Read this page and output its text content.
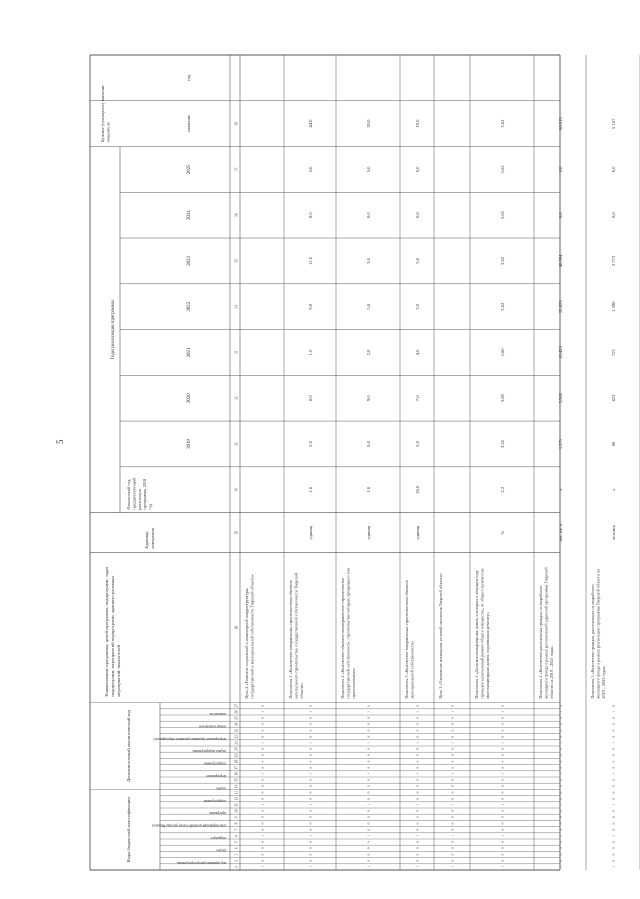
5
Коды бюджетной классификации
Дополнительный аналитический код
Наименование программы, целей программы, подпрограмм, задач подпрограмм, мероприятий подпрограмм, административных мероприятий, показателей
Единица измерения
Годы реализации программы
Целевое (суммарное) значение показателя
Финансовый год, предшествующий реализации программы, 2018 год
2019
2020
2021
2022
2023
2024
2025
значение
год
код администратора программы
раздел
подраздел
классификация целевой статьи расхода бюджета
программа
подпрограмма
задача
мероприятие
подпрограмма
задача подпрограммы
мероприятие (административное мероприятие)
номер показателя
показатель
1
2
3
4
5
6
7
8
9
10
11
12
13
14
15
16
17
18
19
20
21
22
23
24
25
26
27
28
29
30
31
32
33
34
35
36
37
38
1
0
0
0
0
1
0
0
0
0
1
0
0
0
0
1
0
0
0
0
1
0
0
0
0
1
0
Цель 2 «Развитие социальной и инженерной инфраструктуры государственной и муниципальной собственности Тверской области»
1
0
0
0
0
1
0
0
0
0
1
0
0
0
0
1
0
0
0
0
1
0
0
0
0
1
0
Показатель 1 «Количество завершенных строительством объектов капитального строительства государственной собственности Тверской области»
единиц
1,0
2,0
8,0
1,0
9,0
11,0
8,0
5,0
44,0
1
0
0
0
0
1
0
0
0
0
1
0
0
0
0
1
0
0
0
0
1
0
0
0
0
1
0
Показатель 2 «Количество объектов незавершенного строительства государственной собственности, строительство которых прекращено или приостановлено»
единиц
1,0
0,0
9,0
2,0
5,0
3,0
0,0
5,0
39,0
1
0
0
0
0
1
0
0
0
0
1
0
0
0
0
1
0
0
0
0
1
0
0
0
0
1
0
Показатель 3 «Количество завершенных строительством объектов муниципальной собственности»
единиц
18,0
5,0
7,0
4,0
3,0
5,0
0,0
0,0
19,0
1
0
0
0
0
1
0
0
0
0
1
0
0
0
0
1
0
0
0
0
1
0
0
0
0
1
0
Цель 3 «Улучшение жилищных условий населения Тверской области»
1
0
0
0
0
1
0
0
0
0
1
0
0
0
0
1
0
0
0
0
1
0
0
0
0
1
0
Показатель 1 «Доля многоквартирных домов, в которых в текущем году проведен капитальный ремонт общего имущества, от общего количества многоквартирных домов, подлежащих ремонту»
%
2,2
3,62
3,60
3,60
3,62
3,62
3,62
3,62
3,62
1
0
0
0
0
1
0
0
0
0
1
0
0
0
0
1
0
0
0
0
1
0
0
0
0
1
0
Показатель 2 «Количество расселенных граждан из аварийного жилищного фонда в рамках региональной адресной программы Тверской области на 2019 – 2025 годы»
тыс. кв. м
х
1,271
5,562
10,423
22,823
48,994
0,0
0,0
88,913
1
0
0
0
0
1
0
0
0
0
1
0
0
0
0
1
0
0
0
0
1
0
0
0
0
1
0
Показатель 3 «Количество граждан, расселенных из аварийного жилищного фонда в рамках реализации программы Тверской области на 2019 – 2025 годы»
человек
х
68
423
721
1 390
2 773
0,0
0,0
5 167
